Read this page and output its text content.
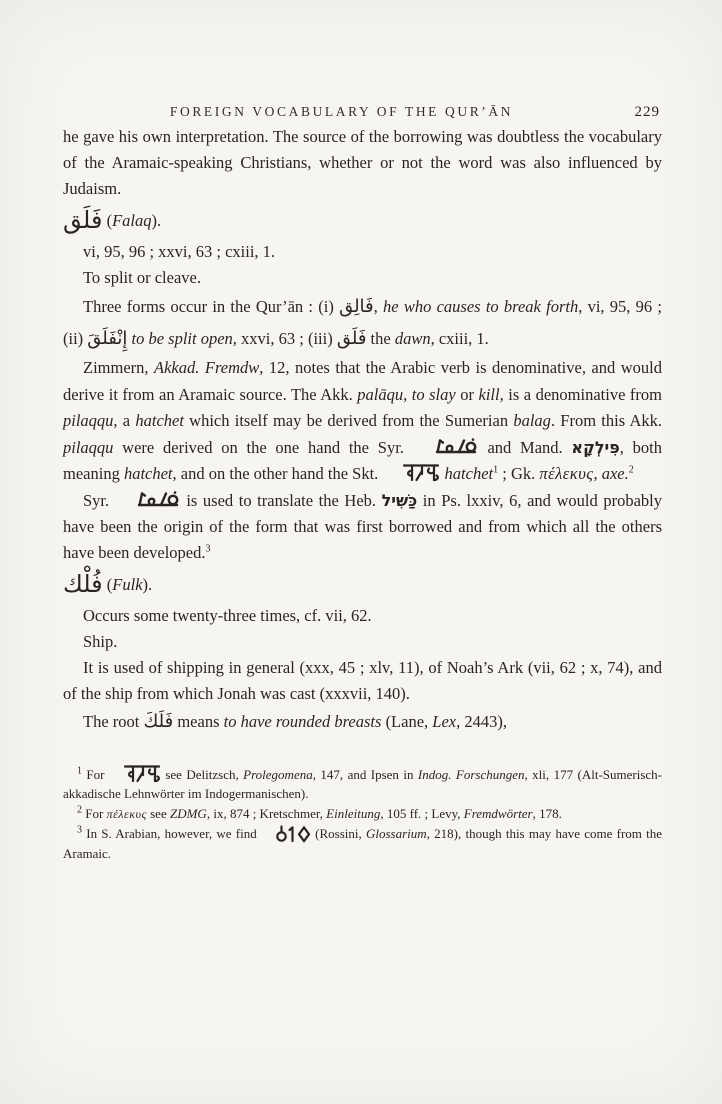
FOREIGN VOCABULARY OF THE QUR’ĀN	229

he gave his own interpretation. The source of the borrowing was doubtless the vocabulary of the Aramaic-speaking Christians, whether or not the word was also influenced by Judaism.

فَلَق (Falaq).

vi, 95, 96 ; xxvi, 63 ; cxiii, 1.

To split or cleave.

Three forms occur in the Qur’ān : (i) فَالِق, he who causes to break forth, vi, 95, 96 ; (ii) إِنْفَلَقَ to be split open, xxvi, 63 ; (iii) فَلَق the dawn, cxiii, 1.

Zimmern, Akkad. Fremdw, 12, notes that the Arabic verb is denominative, and would derive it from an Aramaic source. The Akk. palāqu, to slay or kill, is a denominative from pilaqqu, a hatchet which itself may be derived from the Sumerian balag. From this Akk. pilaqqu were derived on the one hand the Syr.	and Mand. פִּילְקָא, both meaning hatchet, and on the other hand the Skt.	hatchet$^1$ ; Gk. πέλεκυς, axe.$^2$

Syr.	is used to translate the Heb. כַּשִּׁיל in Ps. lxxiv, 6, and would probably have been the origin of the form that was first borrowed and from which all the others have been developed.$^3$

فُلْك (Fulk).

Occurs some twenty-three times, cf. vii, 62.

Ship.

It is used of shipping in general (xxx, 45 ; xlv, 11), of Noah’s Ark (vii, 62 ; x, 74), and of the ship from which Jonah was cast (xxxvii, 140).

The root فَلَكَ means to have rounded breasts (Lane, Lex, 2443),

$^1$ For	see Delitzsch, Prolegomena, 147, and Ipsen in Indog. Forschungen, xli, 177 (Alt-Sumerisch-akkadische Lehnwörter im Indogermanischen).

$^2$ For πέλεκυς see ZDMG, ix, 874 ; Kretschmer, Einleitung, 105 ff. ; Levy, Fremdwörter, 178.

$^3$ In S. Arabian, however, we find	(Rossini, Glossarium, 218), though this may have come from the Aramaic.
